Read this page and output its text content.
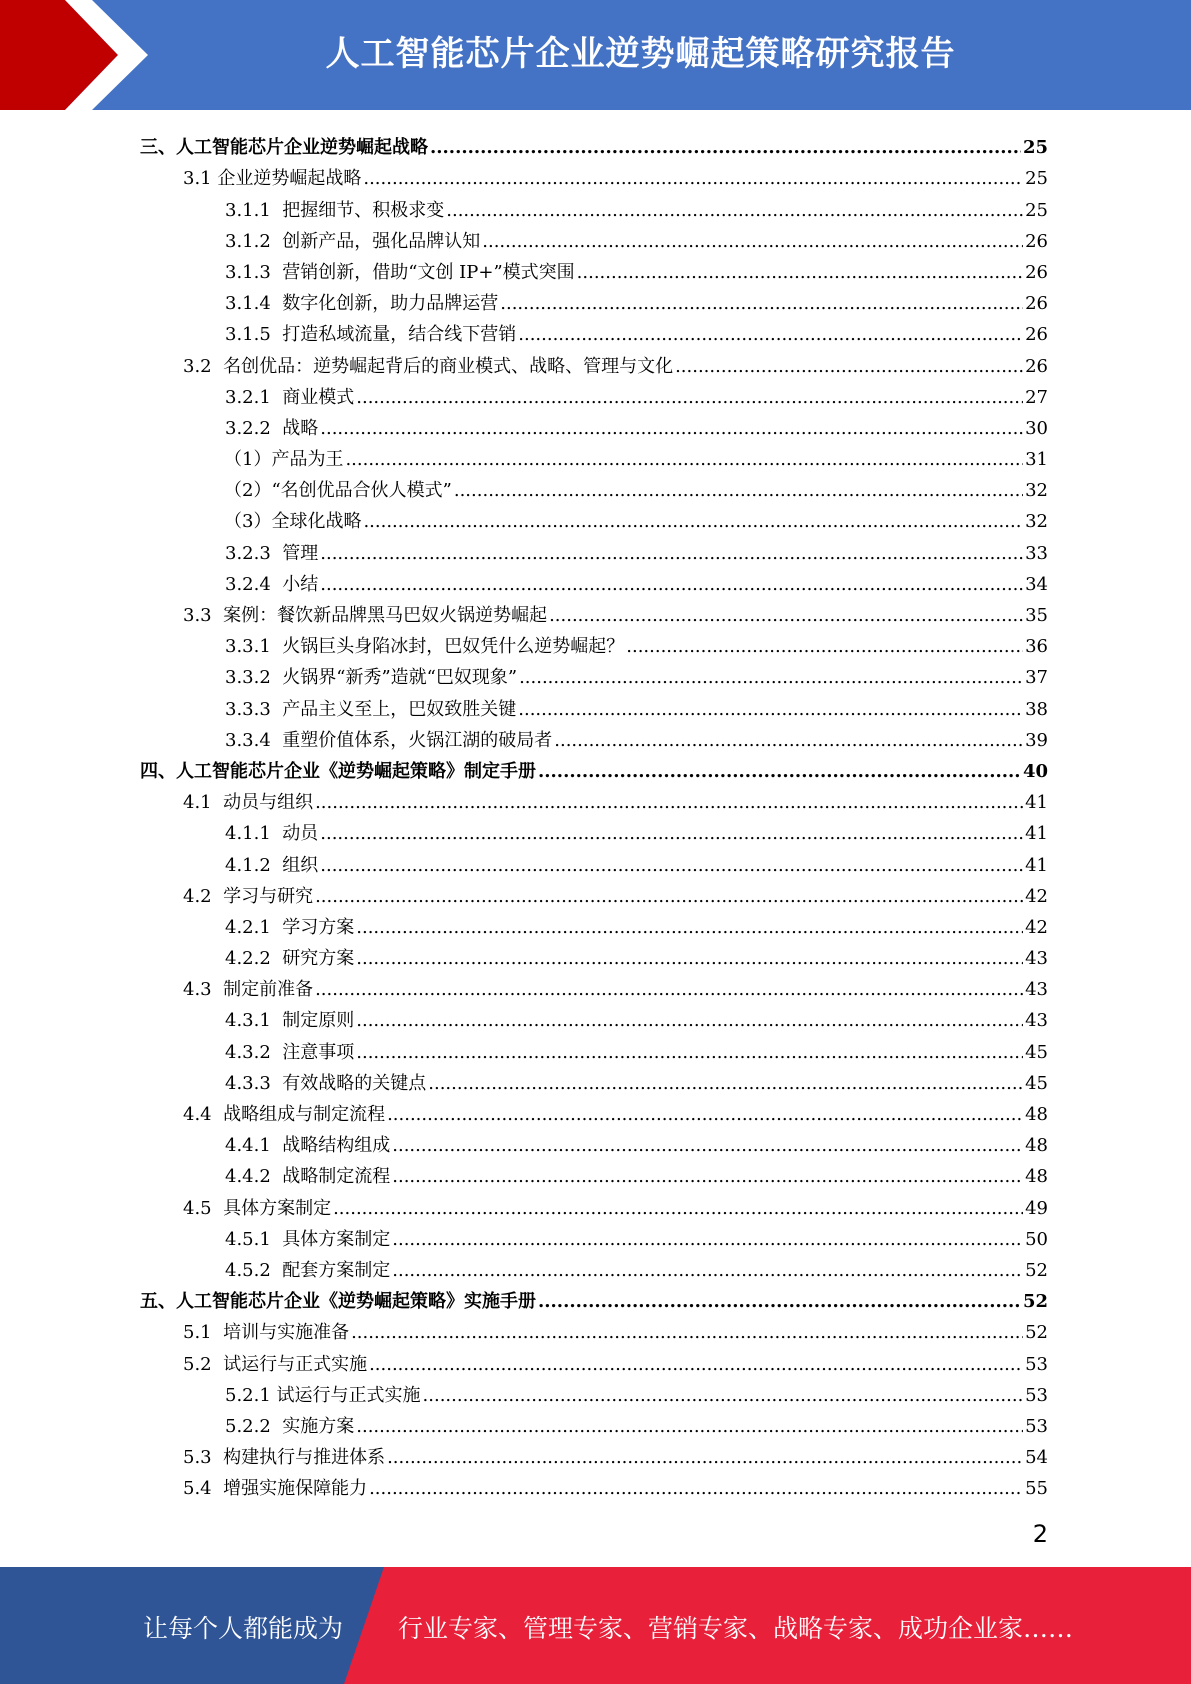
人工智能芯片企业逆势崛起策略研究报告
三、人工智能芯片企业逆势崛起战略 .....	25
3.1 企业逆势崛起战略 .....	25
3.1.1  把握细节、积极求变 .....	25
3.1.2  创新产品，强化品牌认知 .....	26
3.1.3  营销创新，借助“文创 IP+”模式突围 .....	26
3.1.4  数字化创新，助力品牌运营 .....	26
3.1.5  打造私域流量，结合线下营销 .....	26
3.2  名创优品：逆势崛起背后的商业模式、战略、管理与文化 .....	26
3.2.1  商业模式 .....	27
3.2.2  战略 .....	30
（1）产品为王 .....	31
（2）“名创优品合伙人模式” .....	32
（3）全球化战略 .....	32
3.2.3  管理 .....	33
3.2.4  小结 .....	34
3.3  案例：餐饮新品牌黑马巴奴火锅逆势崛起 .....	35
3.3.1  火锅巨头身陷冰封，巴奴凭什么逆势崛起？ .....	36
3.3.2  火锅界“新秀”造就“巴奴现象” .....	37
3.3.3  产品主义至上，巴奴致胜关键 .....	38
3.3.4  重塑价值体系，火锅江湖的破局者 .....	39
四、人工智能芯片企业《逆势崛起策略》制定手册 .....	40
4.1  动员与组织 .....	41
4.1.1  动员 .....	41
4.1.2  组织 .....	41
4.2  学习与研究 .....	42
4.2.1  学习方案 .....	42
4.2.2  研究方案 .....	43
4.3  制定前准备 .....	43
4.3.1  制定原则 .....	43
4.3.2  注意事项 .....	45
4.3.3  有效战略的关键点 .....	45
4.4  战略组成与制定流程 .....	48
4.4.1  战略结构组成 .....	48
4.4.2  战略制定流程 .....	48
4.5  具体方案制定 .....	49
4.5.1  具体方案制定 .....	50
4.5.2  配套方案制定 .....	52
五、人工智能芯片企业《逆势崛起策略》实施手册 .....	52
5.1  培训与实施准备 .....	52
5.2  试运行与正式实施 .....	53
5.2.1 试运行与正式实施 .....	53
5.2.2  实施方案 .....	53
5.3  构建执行与推进体系 .....	54
5.4  增强实施保障能力 .....	55
2
让每个人都能成为 行业专家、管理专家、营销专家、战略专家、成功企业家……
